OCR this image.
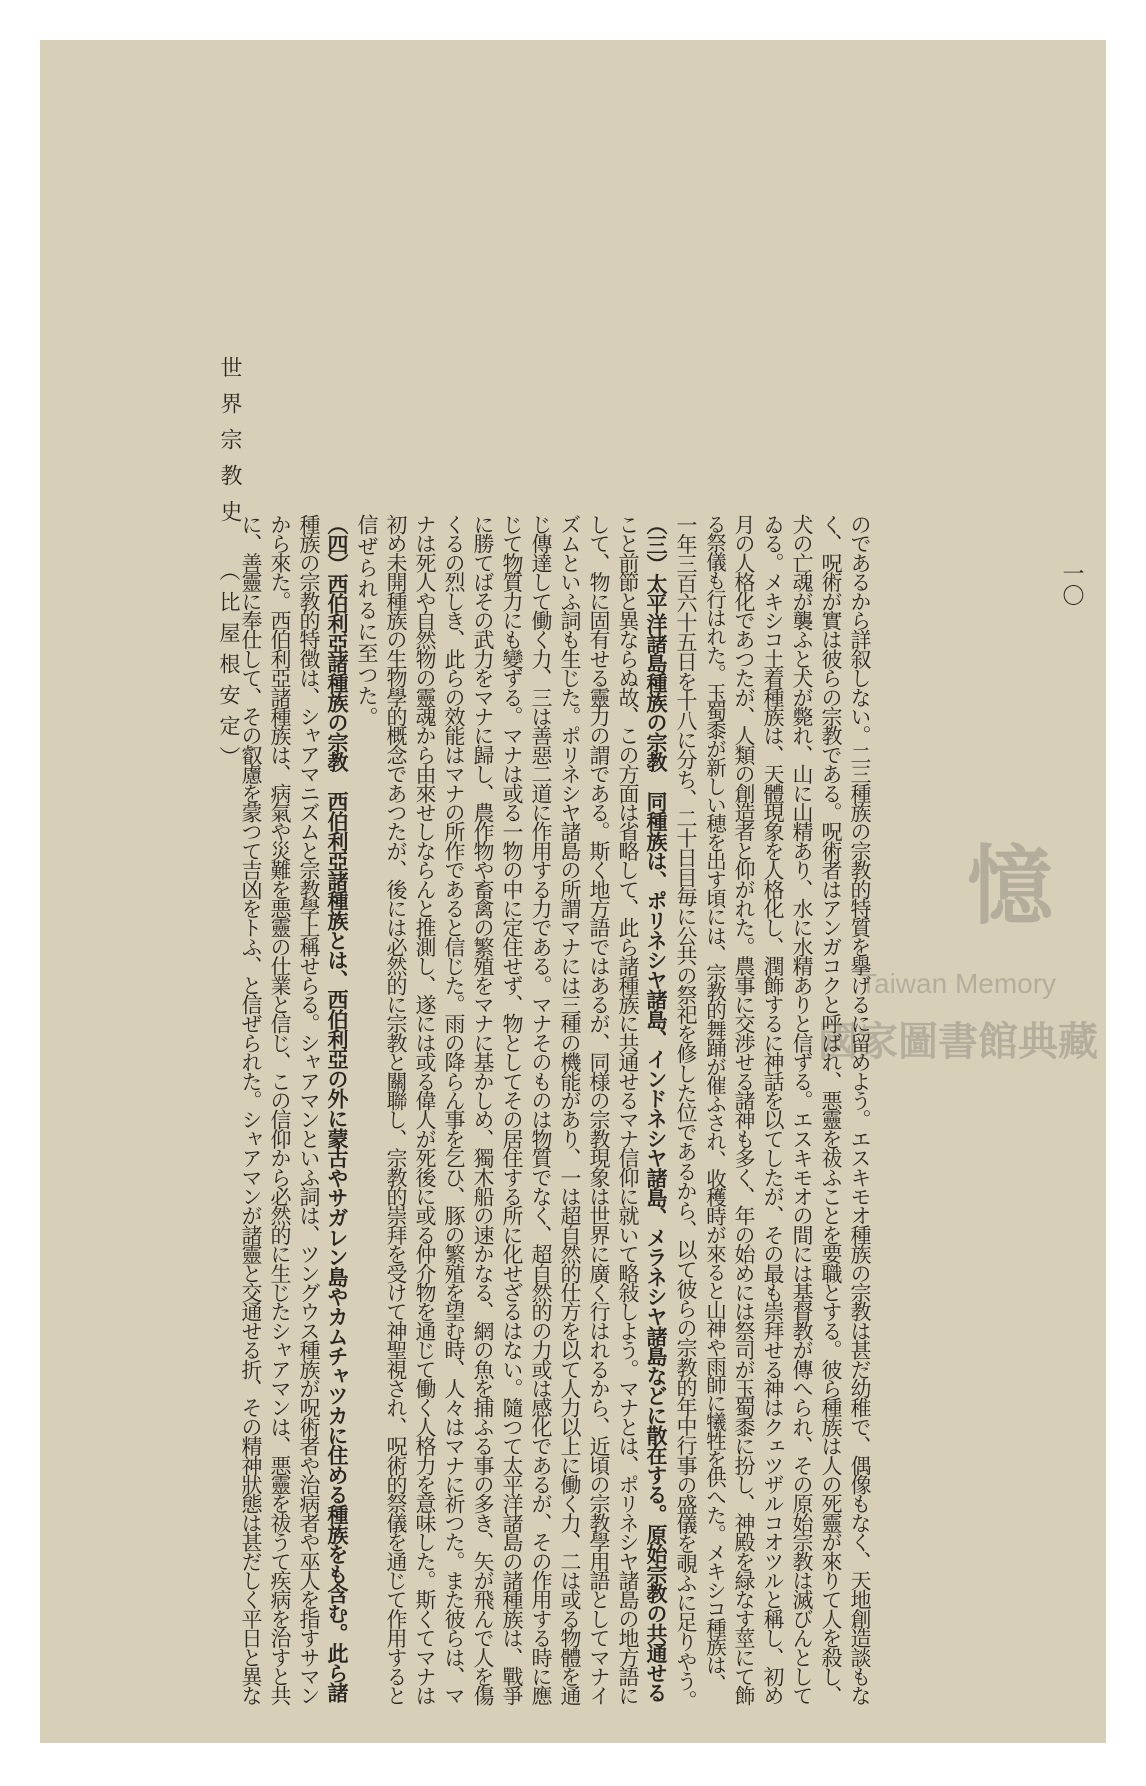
一〇
世界宗教史
（比屋根安定）	のであるから詳叙しない。二三種族の宗教的特質を擧げるに留めよう。エスキモオ種族の宗教は甚だ幼稚で、偶像もなく、天地創造談もな
く、呪術が實は彼らの宗教である。呪術者はアンガコクと呼ばれ、悪靈を祓ふことを要職とする。彼ら種族は人の死靈が來りて人を殺し、
犬の亡魂が襲ふと犬が斃れ、山に山精あり、水に水精ありと信ずる。エスキモオの間には基督教が傳へられ、その原始宗教は滅びんとして
ゐる。メキシコ土着種族は、天體現象を人格化し、潤飾するに神話を以てしたが、その最も崇拜せる神はクェツザルコオツルと稱し、初め
月の人格化であつたが、人類の創造者と仰がれた。農事に交渉せる諸神も多く、年の始めには祭司が玉蜀黍に扮し、神殿を緑なす莖にて飾
る祭儀も行はれた。玉蜀黍が新しい穂を出す頃には、宗教的舞踊が催ふされ、收穫時が來ると山神や雨師に犧牲を供へた。メキシコ種族は、
一年三百六十五日を十八に分ち、二十日目毎に公共の祭祀を修した位であるから、以て彼らの宗教的年中行事の盛儀を覗ふに足りやう。
（三）太平洋諸島種族の宗教　同種族は、ポリネシヤ諸島、インドネシヤ諸島、メラネシヤ諸島などに散在する。原始宗教の共通せる
こと前節と異ならぬ故、この方面は省略して、此ら諸種族に共通せるマナ信仰に就いて略敍しよう。マナとは、ポリネシヤ諸島の地方語に
して、物に固有せる靈力の謂である。斯く地方語ではあるが、同様の宗教現象は世界に廣く行はれるから、近頃の宗教學用語としてマナイ
ズムといふ詞も生じた。ポリネシヤ諸島の所謂マナには三種の機能があり、一は超自然的仕方を以て人力以上に働く力、二は或る物體を通
じ傳達して働く力、三は善惡二道に作用する力である。マナそのものは物質でなく、超自然的の力或は感化であるが、その作用する時に應
じて物質力にも變ずる。マナは或る一物の中に定住せず、物としてその居住する所に化せざるはない。隨つて太平洋諸島の諸種族は、戰爭
に勝てばその武力をマナに歸し、農作物や畜禽の繁殖をマナに基かしめ、獨木船の速かなる、網の魚を捕ふる事の多き、矢が飛んで人を傷
くるの烈しき、此らの效能はマナの所作であると信じた。雨の降らん事を乞ひ、豚の繁殖を望む時、人々はマナに祈つた。また彼らは、マ
ナは死人や自然物の靈魂から由來せしならんと推測し、遂には或る偉人が死後に或る仲介物を通じて働く人格力を意味した。斯くてマナは
初め未開種族の生物學的概念であつたが、後には必然的に宗教と關聯し、宗教的崇拜を受けて神聖視され、呪術的祭儀を通じて作用すると
信ぜられるに至つた。
（四）西伯利亞諸種族の宗教　西伯利亞諸種族とは、西伯利亞の外に蒙古やサガレン島やカムチャツカに住める種族をも含む。此ら諸
種族の宗教的特徴は、シャアマニズムと宗教學上稱せらる。シャアマンといふ詞は、ツングウス種族が呪術者や治病者や巫人を指すサマン
から來た。西伯利亞諸種族は、病氣や災難を悪靈の仕業と信じ、この信仰から必然的に生じたシャアマンは、悪靈を祓うて疾病を治すと共
に、善靈に奉仕して、その叡慮を蒙つて吉凶をトふ、と信ぜられた。シャアマンが諸靈と交通せる折、その精神狀態は甚だしく平日と異な	憶
Taiwan Memory
國家圖書館典藏
